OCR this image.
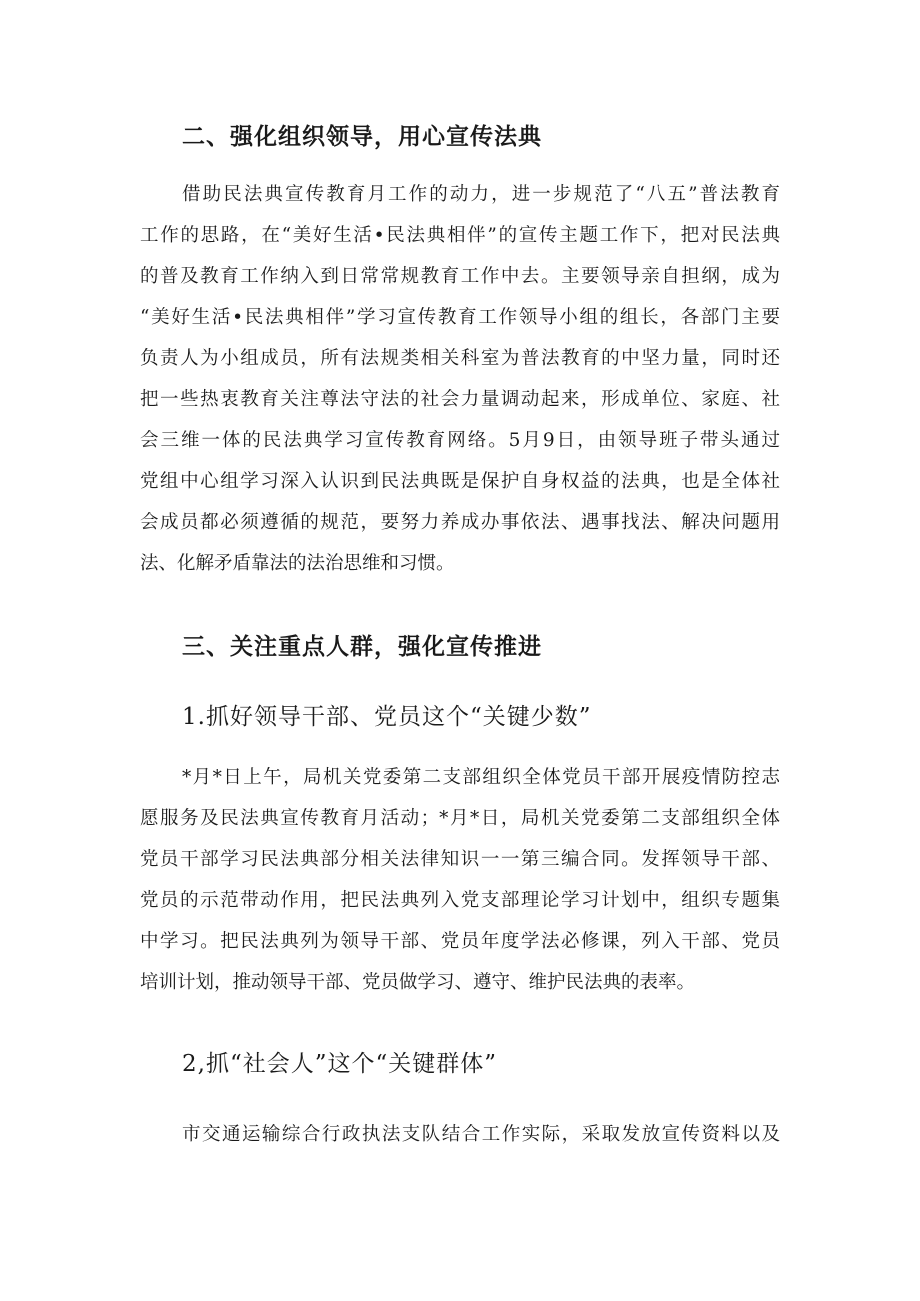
二、强化组织领导，用心宣传法典
借助民法典宣传教育月工作的动力，进一步规范了“八五”普法教育
工作的思路，在“美好生活•民法典相伴”的宣传主题工作下，把对民法典
的普及教育工作纳入到日常常规教育工作中去。主要领导亲自担纲，成为
“美好生活•民法典相伴”学习宣传教育工作领导小组的组长，各部门主要
负责人为小组成员，所有法规类相关科室为普法教育的中坚力量，同时还
把一些热衷教育关注尊法守法的社会力量调动起来，形成单位、家庭、社
会三维一体的民法典学习宣传教育网络。5月9日，由领导班子带头通过
党组中心组学习深入认识到民法典既是保护自身权益的法典，也是全体社
会成员都必须遵循的规范，要努力养成办事依法、遇事找法、解决问题用
法、化解矛盾靠法的法治思维和习惯。
三、关注重点人群，强化宣传推进
1.抓好领导干部、党员这个“关键少数”
*月*日上午，局机关党委第二支部组织全体党员干部开展疫情防控志
愿服务及民法典宣传教育月活动；*月*日，局机关党委第二支部组织全体
党员干部学习民法典部分相关法律知识一一第三编合同。发挥领导干部、
党员的示范带动作用，把民法典列入党支部理论学习计划中，组织专题集
中学习。把民法典列为领导干部、党员年度学法必修课，列入干部、党员
培训计划，推动领导干部、党员做学习、遵守、维护民法典的表率。
2,抓“社会人”这个“关键群体”
市交通运输综合行政执法支队结合工作实际，采取发放宣传资料以及
